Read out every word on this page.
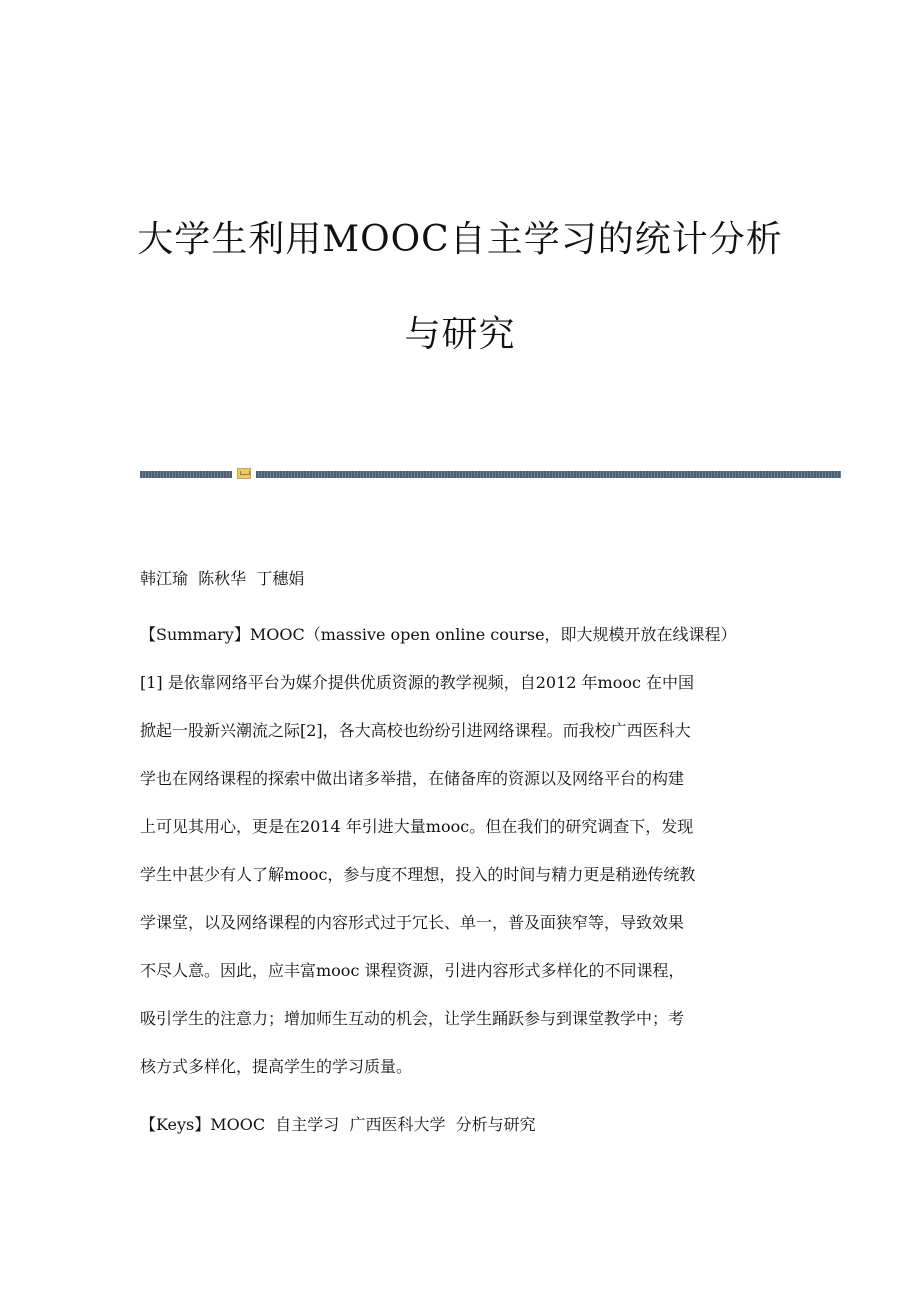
大学生利用MOOC自主学习的统计分析
与研究
韩江瑜  陈秋华  丁穗娟
【Summary】MOOC（massive open online course，即大规模开放在线课程）
[1] 是依靠网络平台为媒介提供优质资源的教学视频，自2012 年mooc 在中国
掀起一股新兴潮流之际[2]，各大高校也纷纷引进网络课程。而我校广西医科大
学也在网络课程的探索中做出诸多举措，在储备库的资源以及网络平台的构建
上可见其用心，更是在2014 年引进大量mooc。但在我们的研究调查下，发现
学生中甚少有人了解mooc，参与度不理想，投入的时间与精力更是稍逊传统教
学课堂，以及网络课程的内容形式过于冗长、单一，普及面狭窄等，导致效果
不尽人意。因此，应丰富mooc 课程资源，引进内容形式多样化的不同课程，
吸引学生的注意力；增加师生互动的机会，让学生踊跃参与到课堂教学中；考
核方式多样化，提高学生的学习质量。
【Keys】MOOC  自主学习  广西医科大学  分析与研究
